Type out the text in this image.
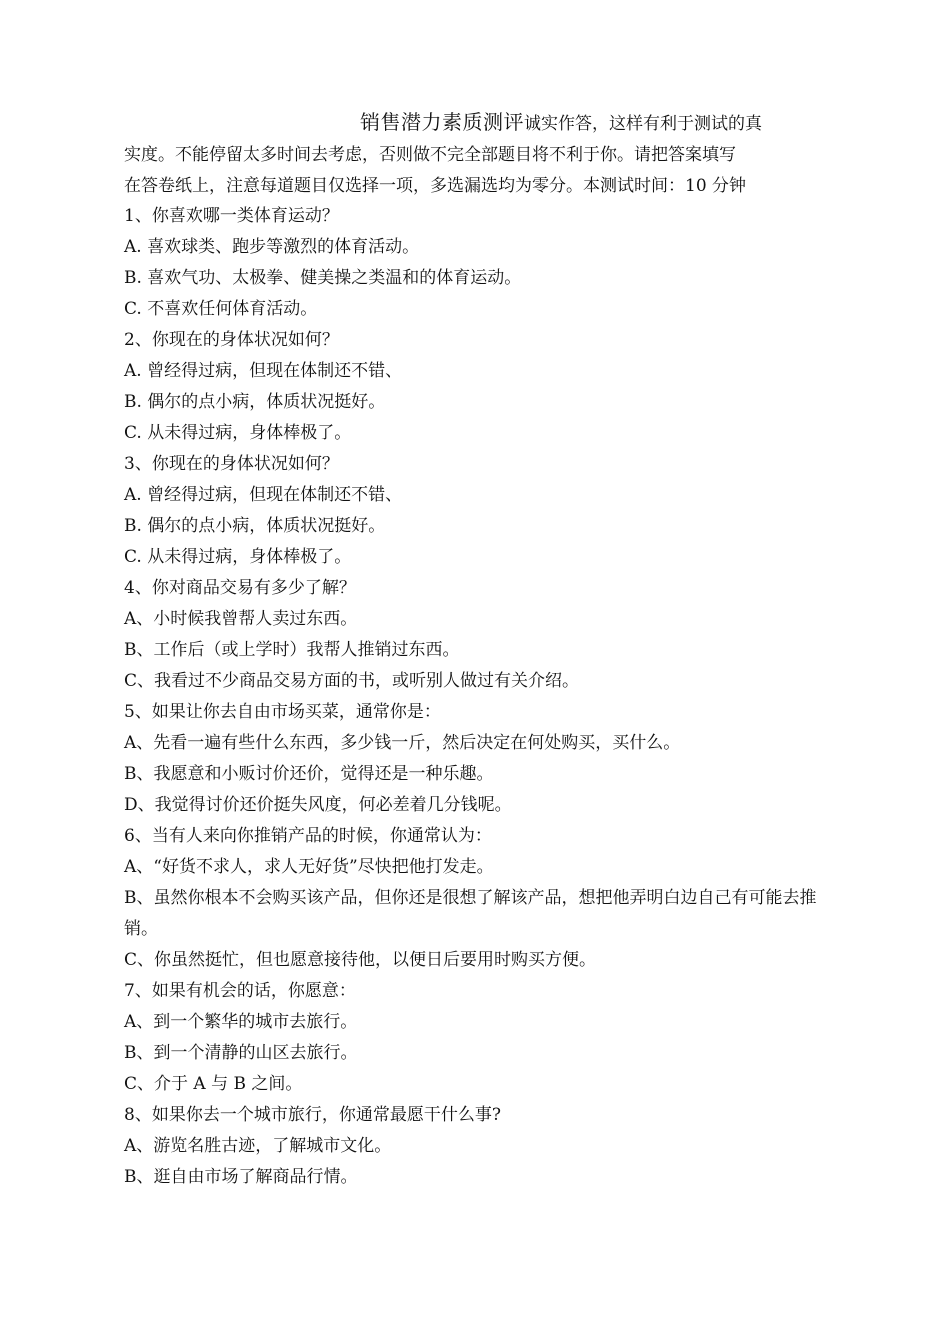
销售潜力素质测评诚实作答，这样有利于测试的真
实度。不能停留太多时间去考虑，否则做不完全部题目将不利于你。请把答案填写
在答卷纸上，注意每道题目仅选择一项，多选漏选均为零分。本测试时间：10 分钟
1、你喜欢哪一类体育运动？
A. 喜欢球类、跑步等激烈的体育活动。
B. 喜欢气功、太极拳、健美操之类温和的体育运动。
C. 不喜欢任何体育活动。
2、你现在的身体状况如何？
A. 曾经得过病，但现在体制还不错、
B. 偶尔的点小病，体质状况挺好。
C. 从未得过病，身体棒极了。
3、你现在的身体状况如何？
A. 曾经得过病，但现在体制还不错、
B. 偶尔的点小病，体质状况挺好。
C. 从未得过病，身体棒极了。
4、你对商品交易有多少了解？
A、小时候我曾帮人卖过东西。
B、工作后（或上学时）我帮人推销过东西。
C、我看过不少商品交易方面的书，或听别人做过有关介绍。
5、如果让你去自由市场买菜，通常你是：
A、先看一遍有些什么东西，多少钱一斤，然后决定在何处购买，买什么。
B、我愿意和小贩讨价还价，觉得还是一种乐趣。
D、我觉得讨价还价挺失风度，何必差着几分钱呢。
6、当有人来向你推销产品的时候，你通常认为：
A、“好货不求人，求人无好货”尽快把他打发走。
B、虽然你根本不会购买该产品，但你还是很想了解该产品，想把他弄明白边自己有可能去推销。
C、你虽然挺忙，但也愿意接待他，以便日后要用时购买方便。
7、如果有机会的话，你愿意：
A、到一个繁华的城市去旅行。
B、到一个清静的山区去旅行。
C、介于 A 与 B 之间。
8、如果你去一个城市旅行，你通常最愿干什么事?
A、游览名胜古迹，了解城市文化。
B、逛自由市场了解商品行情。
